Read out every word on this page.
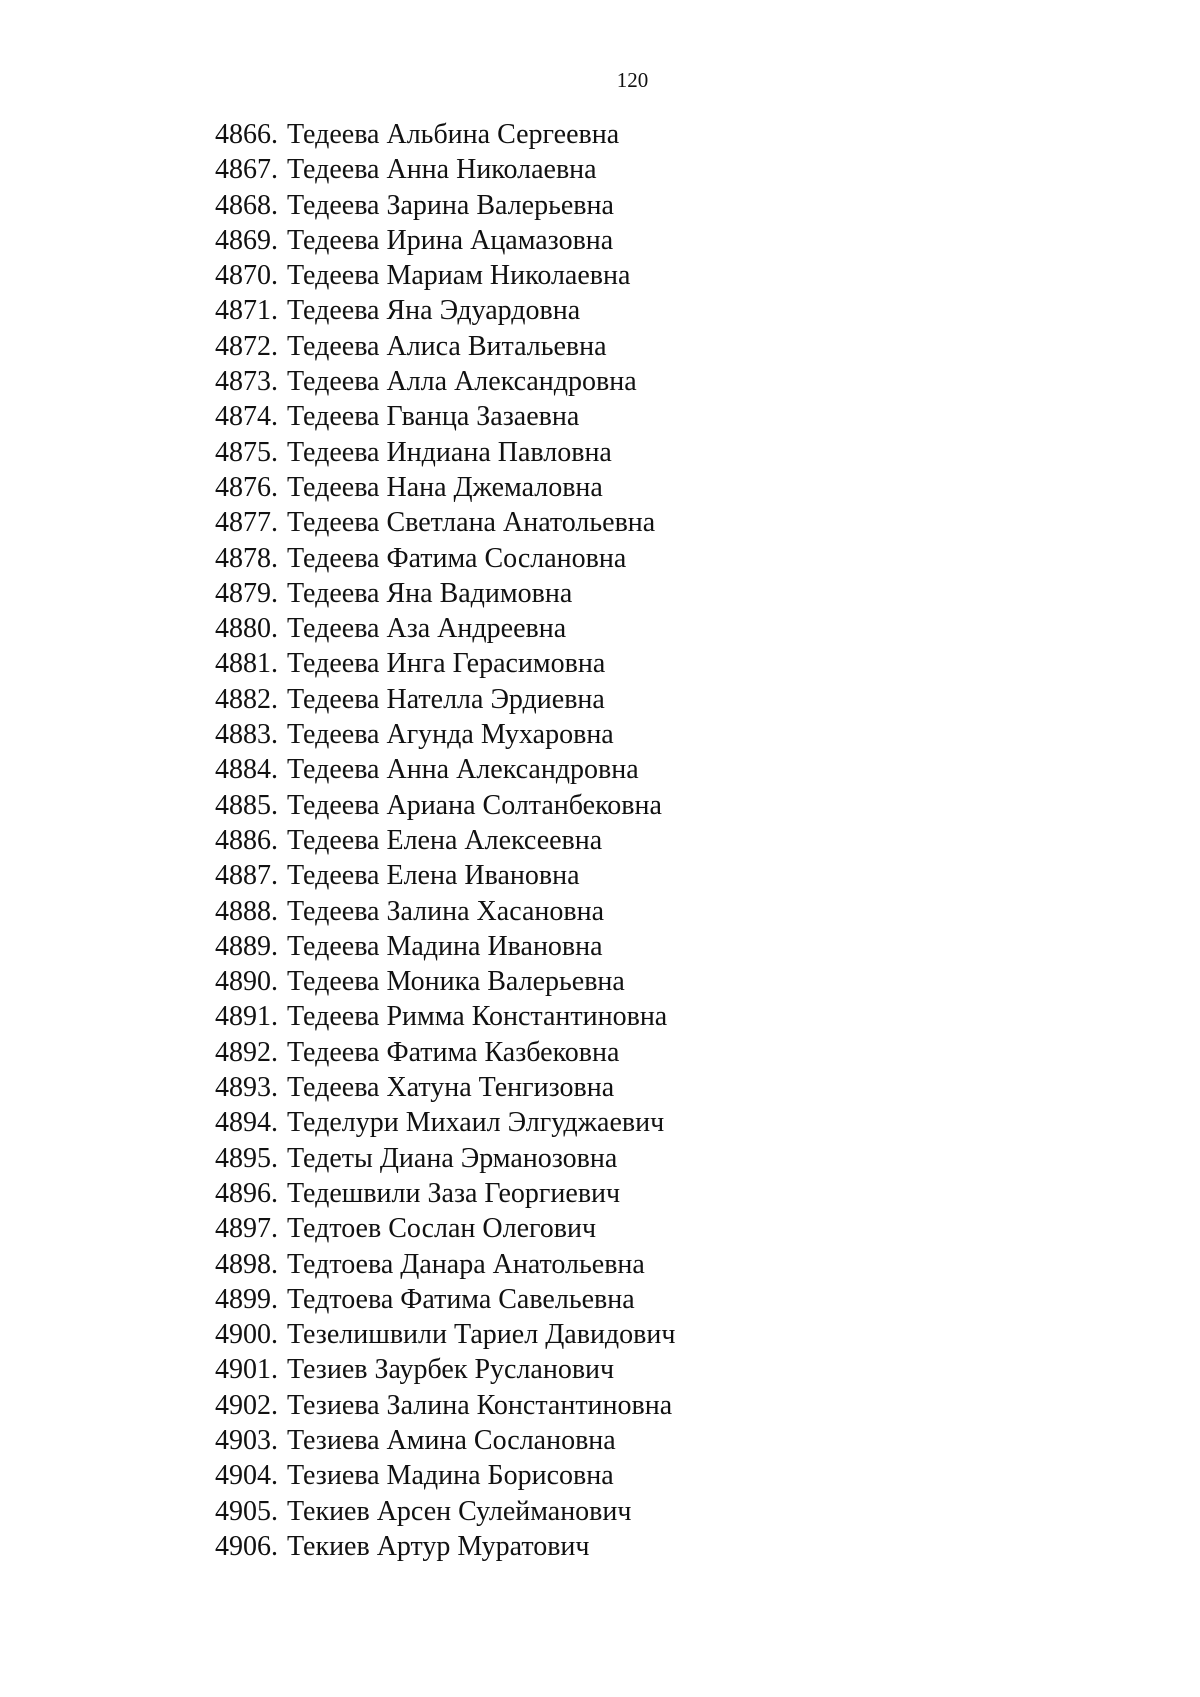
120
4866. Тедеева Альбина Сергеевна
4867. Тедеева Анна Николаевна
4868. Тедеева Зарина Валерьевна
4869. Тедеева Ирина Ацамазовна
4870. Тедеева Мариам Николаевна
4871. Тедеева Яна Эдуардовна
4872. Тедеева Алиса Витальевна
4873. Тедеева Алла Александровна
4874. Тедеева Гванца Зазаевна
4875. Тедеева Индиана Павловна
4876. Тедеева Нана Джемаловна
4877. Тедеева Светлана Анатольевна
4878. Тедеева Фатима Сослановна
4879. Тедеева Яна Вадимовна
4880. Тедеева Аза Андреевна
4881. Тедеева Инга Герасимовна
4882. Тедеева Нателла Эрдиевна
4883. Тедеева Агунда Мухаровна
4884. Тедеева Анна Александровна
4885. Тедеева Ариана Солтанбековна
4886. Тедеева Елена Алексеевна
4887. Тедеева Елена Ивановна
4888. Тедеева Залина Хасановна
4889. Тедеева Мадина Ивановна
4890. Тедеева Моника Валерьевна
4891. Тедеева Римма Константиновна
4892. Тедеева Фатима Казбековна
4893. Тедеева Хатуна Тенгизовна
4894. Теделури Михаил Элгуджаевич
4895. Тедеты Диана Эрманозовна
4896. Тедешвили Заза Георгиевич
4897. Тедтоев Сослан Олегович
4898. Тедтоева Данара Анатольевна
4899. Тедтоева Фатима Савельевна
4900. Тезелишвили Тариел Давидович
4901. Тезиев Заурбек Русланович
4902. Тезиева Залина Константиновна
4903. Тезиева Амина Сослановна
4904. Тезиева Мадина Борисовна
4905. Текиев Арсен Сулейманович
4906. Текиев Артур Муратович
